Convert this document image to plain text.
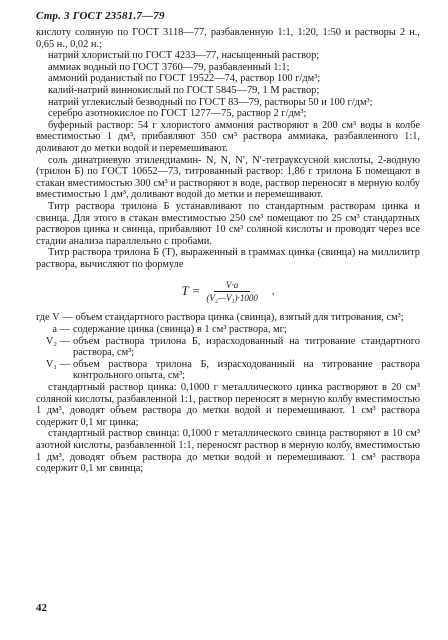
Стр. 3 ГОСТ 23581.7—79

кислоту соляную по ГОСТ 3118—77, разбавленную 1:1, 1:20, 1:50 и растворы 2 н., 0,65 н., 0,02 н.;

натрий хлористый по ГОСТ 4233—77, насыщенный раствор;

аммиак водный по ГОСТ 3760—79, разбавленный 1:1;

аммоний роданистый по ГОСТ 19522—74, раствор 100 г/дм³;

калий-натрий виннокислый по ГОСТ 5845—79, 1 М раствор;

натрий углекислый безводный по ГОСТ 83—79, растворы 50 и 100 г/дм³;

серебро азотнокислое по ГОСТ 1277—75, раствор 2 г/дм³;

буферный раствор: 54 г хлористого аммония растворяют в 200 см³ воды в колбе вместимостью 1 дм³, прибавляют 350 см³ раствора аммиака, разбавленного 1:1, доливают до метки водой и перемешивают.

соль динатриевую этилендиамин- N, N, N′, N′-тетрауксусной кислоты, 2-водную (трилон Б) по ГОСТ 10652—73, титрованный раствор: 1,86 г трилона Б помещают в стакан вместимостью 300 см³ и растворяют в воде, раствор переносят в мерную колбу вместимостью 1 дм³, доливают водой до метки и перемешивают.

Титр раствора трилона Б устанавливают по стандартным растворам цинка и свинца. Для этого в стакан вместимостью 250 см³ помещают по 25 см³ стандартных растворов цинка и свинца, прибавляют 10 см³ соляной кислоты и проводят через все стадии анализа параллельно с пробами.

Титр раствора трилона Б (T), выраженный в граммах цинка (свинца) на миллилитр раствора, вычисляют по формуле

$T = \frac{V\cdot a}{\text{(V₂—V₁)·1000}}$ ,
где V — объем стандартного раствора цинка (свинца), взятый для титрования, см³;
a — содержание цинка (свинца) в 1 см³ раствора, мг;
V₂ — объем раствора трилона Б, израсходованный на титрование стандартного раствора, см³;
V₁ — объем раствора трилона Б, израсходованный на титрование раствора контрольного опыта, см³;

стандартный раствор цинка: 0,1000 г металлического цинка растворяют в 20 см³ соляной кислоты, разбавленной 1:1, раствор переносят в мерную колбу вместимостью 1 дм³, доводят объем раствора до метки водой и перемешивают. 1 см³ раствора содержит 0,1 мг цинка;

стандартный раствор свинца: 0,1000 г металлического свинца растворяют в 10 см³ азотной кислоты, разбавленной 1:1, переносят раствор в мерную колбу, вместимостью 1 дм³, доводят объем раствора до метки водой и перемешивают. 1 см³ раствора содержит 0,1 мг свинца;

42
